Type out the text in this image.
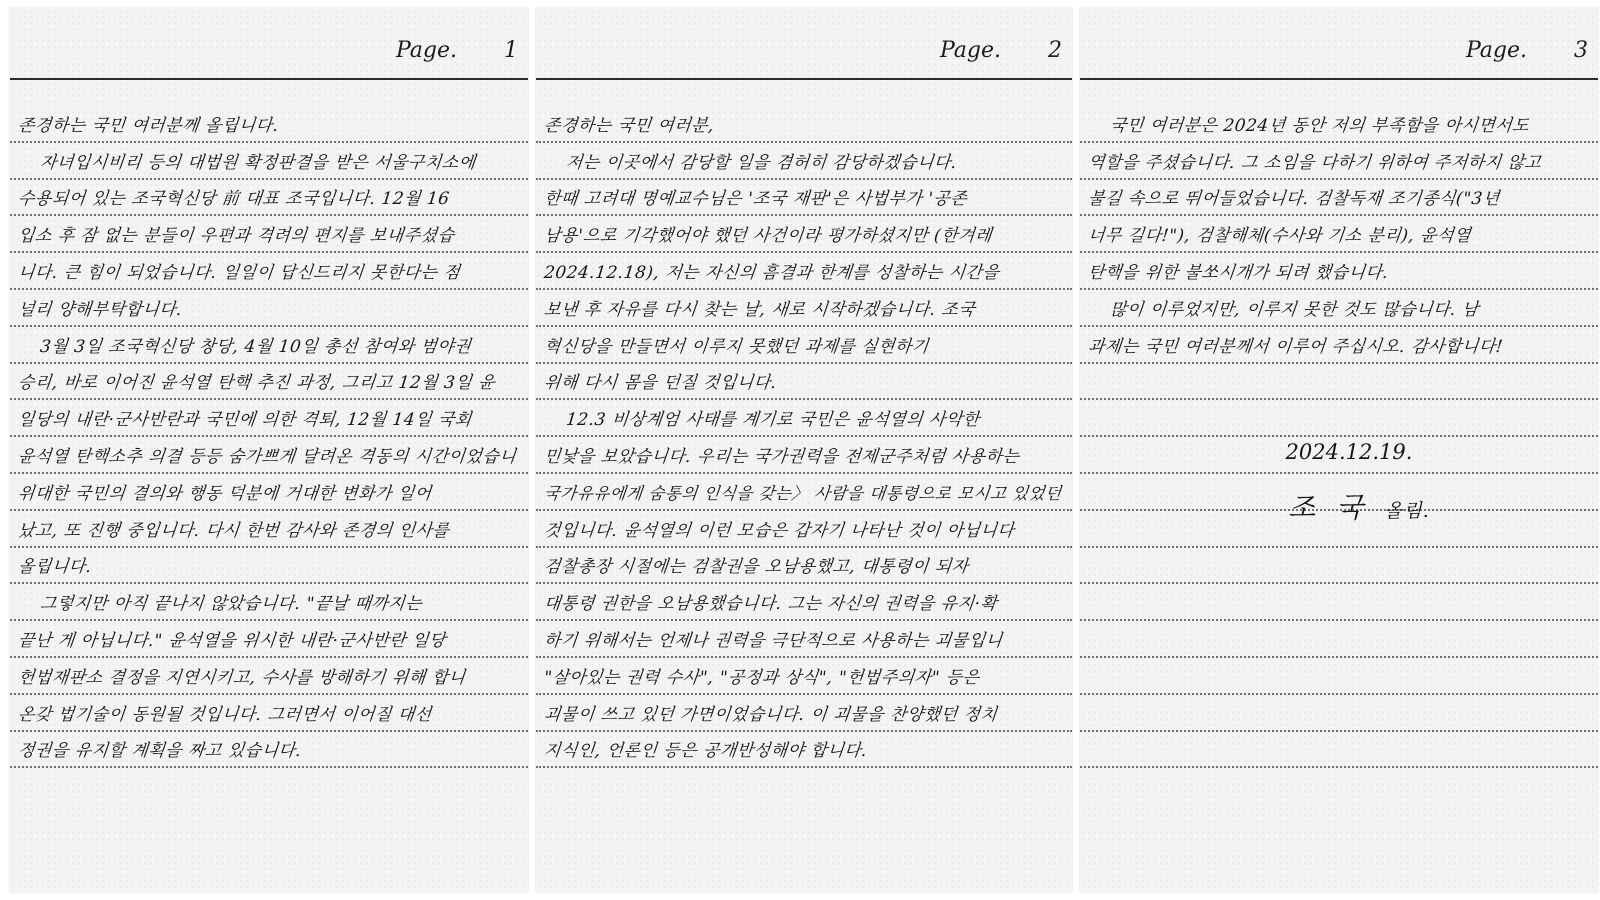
Page. 1
존경하는 국민 여러분께 올립니다.
자녀입시비리 등의 대법원 확정판결을 받은 서울구치소에
수용되어 있는 조국혁신당 前 대표 조국입니다. 12월 16
입소 후 잠 없는 분들이 우편과 격려의 편지를 보내주셨습
니다. 큰 힘이 되었습니다. 일일이 답신드리지 못한다는 점
널리 양해부탁합니다.
3월 3일 조국혁신당 창당, 4월 10일 총선 참여와 범야권
승리, 바로 이어진 윤석열 탄핵 추진 과정, 그리고 12월 3일 윤
일당의 내란·군사반란과 국민에 의한 격퇴, 12월 14일 국회
윤석열 탄핵소추 의결 등등 숨가쁘게 달려온 격동의 시간이었습니
위대한 국민의 결의와 행동 덕분에 거대한 변화가 일어
났고, 또 진행 중입니다. 다시 한번 감사와 존경의 인사를
올립니다.
그렇지만 아직 끝나지 않았습니다. "끝날 때까지는
끝난 게 아닙니다." 윤석열을 위시한 내란·군사반란 일당
헌법재판소 결정을 지연시키고, 수사를 방해하기 위해 합니
온갖 법기술이 동원될 것입니다. 그러면서 이어질 대선
정권을 유지할 계획을 짜고 있습니다.
Page. 2
존경하는 국민 여러분,
저는 이곳에서 감당할 일을 겸허히 감당하겠습니다.
한때 고려대 명예교수님은 '조국 재판'은 사법부가 '공존
남용'으로 기각했어야 했던 사건이라 평가하셨지만 (한겨레
2024.12.18), 저는 자신의 흠결과 한계를 성찰하는 시간을
보낸 후 자유를 다시 찾는 날, 새로 시작하겠습니다. 조국
혁신당을 만들면서 이루지 못했던 과제를 실현하기
위해 다시 몸을 던질 것입니다.
12.3 비상계엄 사태를 계기로 국민은 윤석열의 사악한
민낯을 보았습니다. 우리는 국가권력을 전제군주처럼 사용하는
국가유유에게 숨통의 인식을 갖는〉 사람을 대통령으로 모시고 있었던
것입니다. 윤석열의 이런 모습은 갑자기 나타난 것이 아닙니다
검찰총장 시절에는 검찰권을 오남용했고, 대통령이 되자
대통령 권한을 오남용했습니다. 그는 자신의 권력을 유지·확
하기 위해서는 언제나 권력을 극단적으로 사용하는 괴물입니
"살아있는 권력 수사", "공정과 상식", "헌법주의자" 등은
괴물이 쓰고 있던 가면이었습니다. 이 괴물을 찬양했던 정치
지식인, 언론인 등은 공개반성해야 합니다.
Page. 3
국민 여러분은 2024년 동안 저의 부족함을 아시면서도
역할을 주셨습니다. 그 소임을 다하기 위하여 주저하지 않고
불길 속으로 뛰어들었습니다. 검찰독재 조기종식("3년
너무 길다!"), 검찰해체(수사와 기소 분리), 윤석열
탄핵을 위한 불쏘시개가 되려 했습니다.
많이 이루었지만, 이루지 못한 것도 많습니다. 남
과제는 국민 여러분께서 이루어 주십시오. 감사합니다!
2024.12.19.
조 국 올림.
